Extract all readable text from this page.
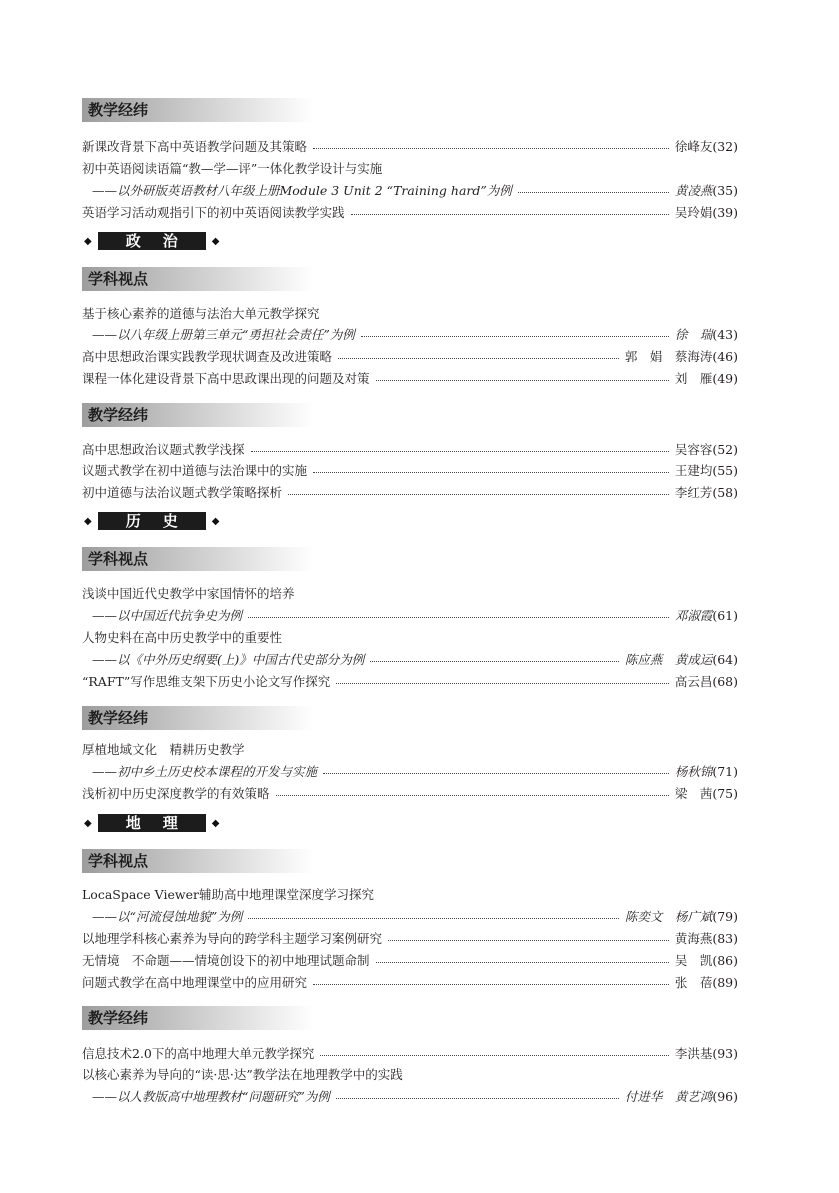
教学经纬
新课改背景下高中英语教学问题及其策略	徐峰友 (32)
初中英语阅读语篇“教—学—评”一体化教学设计与实施
——以外研版英语教材八年级上册Module 3 Unit 2 “Training hard”为例	黄凌燕 (35)
英语学习活动观指引下的初中英语阅读教学实践	吴玲娟 (39)
◆	政治	◆
学科视点
基于核心素养的道德与法治大单元教学探究
——以八年级上册第三单元“勇担社会责任”为例	徐　瑞 (43)
高中思想政治课实践教学现状调查及改进策略	郭　娟　蔡海涛 (46)
课程一体化建设背景下高中思政课出现的问题及对策	刘　雁 (49)
教学经纬
高中思想政治议题式教学浅探	吴容容 (52)
议题式教学在初中道德与法治课中的实施	王建均 (55)
初中道德与法治议题式教学策略探析	李红芳 (58)
◆	历史	◆
学科视点
浅谈中国近代史教学中家国情怀的培养
——以中国近代抗争史为例	邓淑霞 (61)
人物史料在高中历史教学中的重要性
——以《中外历史纲要(上)》中国古代史部分为例	陈应燕　黄成运 (64)
“RAFT”写作思维支架下历史小论文写作探究	高云昌 (68)
教学经纬
厚植地域文化　精耕历史教学
——初中乡土历史校本课程的开发与实施	杨秋锦 (71)
浅析初中历史深度教学的有效策略	梁　茜 (75)
◆	地理	◆
学科视点
LocaSpace Viewer辅助高中地理课堂深度学习探究
——以“河流侵蚀地貌”为例	陈奕文　杨广斌 (79)
以地理学科核心素养为导向的跨学科主题学习案例研究	黄海燕 (83)
无情境　不命题——情境创设下的初中地理试题命制	吴　凯 (86)
问题式教学在高中地理课堂中的应用研究	张　蓓 (89)
教学经纬
信息技术2.0下的高中地理大单元教学探究	李洪基 (93)
以核心素养为导向的“读·思·达”教学法在地理教学中的实践
——以人教版高中地理教材“问题研究”为例	付进华　黄艺鸿 (96)
